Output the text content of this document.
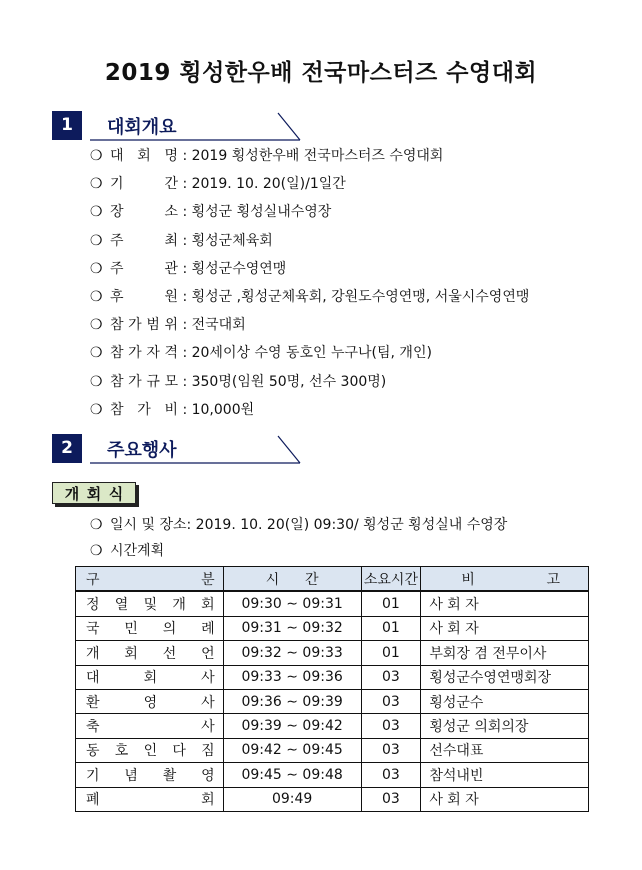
2019 횡성한우배 전국마스터즈 수영대회
1	대회개요
❍ 대 회 명 : 2019 횡성한우배 전국마스터즈 수영대회
❍ 기	간 : 2019. 10. 20(일)/1일간
❍ 장	소 : 횡성군 횡성실내수영장
❍ 주	최 : 횡성군체육회
❍ 주	관 : 횡성군수영연맹
❍ 후	원 : 횡성군 ,횡성군체육회, 강원도수영연맹, 서울시수영연맹
❍ 참 가 범 위 : 전국대회
❍ 참 가 자 격 : 20세이상 수영 동호인 누구나(팀, 개인)
❍ 참 가 규 모 : 350명(임원 50명, 선수 300명)
❍ 참 가 비 : 10,000원
2	주요행사
개 회 식
❍ 일시 및 장소: 2019. 10. 20(일) 09:30/ 횡성군 횡성실내 수영장
❍ 시간계획
구 분	시 간	소요시간	비 고

정 열 및 개 회	09:30 ∼ 09:31	01	사 회 자

국 민 의 례	09:31 ∼ 09:32	01	사 회 자

개 회 선 언	09:32 ∼ 09:33	01	부회장 겸 전무이사

대 회 사	09:33 ∼ 09:36	03	횡성군수영연맹회장

환 영 사	09:36 ∼ 09:39	03	횡성군수

축 사	09:39 ∼ 09:42	03	횡성군 의회의장

동 호 인 다 짐	09:42 ∼ 09:45	03	선수대표

기 념 촬 영	09:45 ∼ 09:48	03	참석내빈

폐 회	09:49	03	사 회 자
